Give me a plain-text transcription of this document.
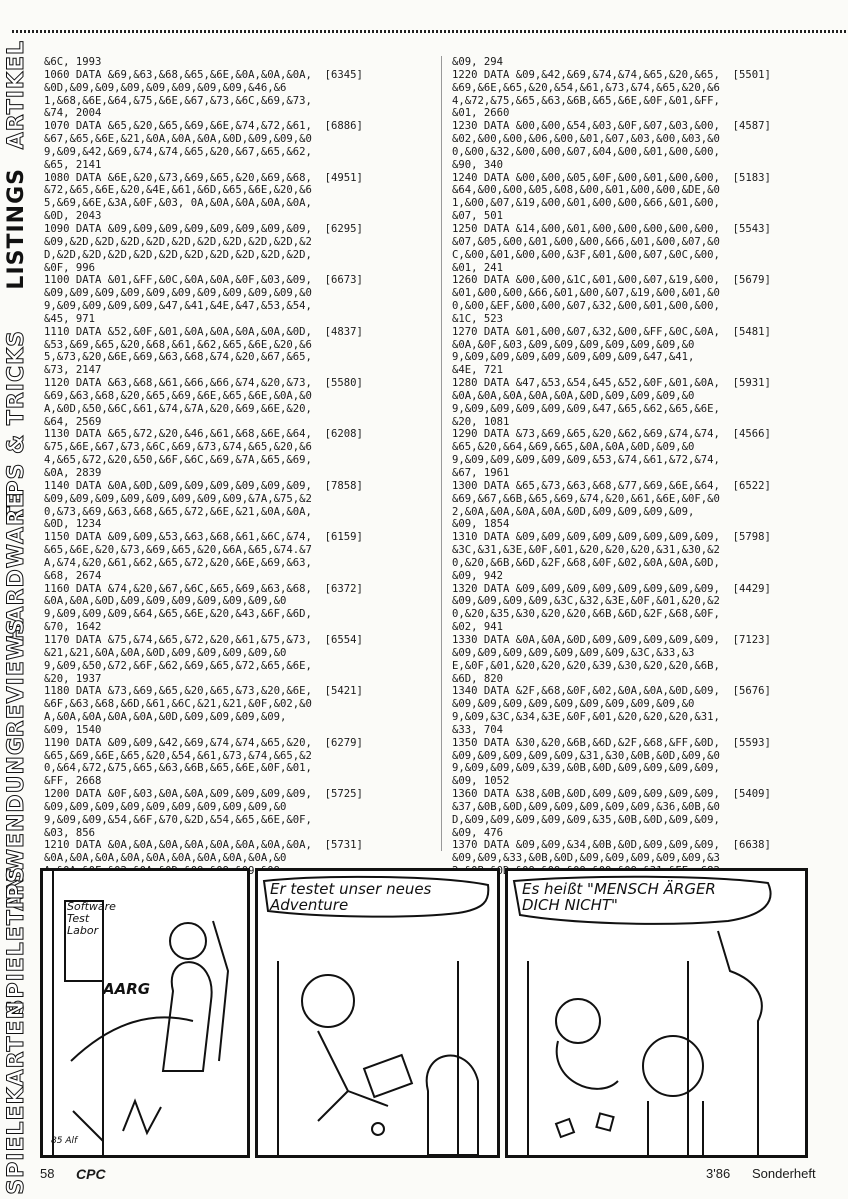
ARTIKEL
LISTINGS
TIPS & TRICKS
HARDWARE
REVIEWS
ANWENDUNG
SPIELETIPS
SPIELEKARTEN
&6C, 1993
1060 DATA &69,&63,&68,&65,&6E,&0A,&0A,&0A,  [6345]
&0D,&09,&09,&09,&09,&09,&09,&09,&46,&6
1,&68,&6E,&64,&75,&6E,&67,&73,&6C,&69,&73,
&74, 2004
1070 DATA &65,&20,&65,&69,&6E,&74,&72,&61,  [6886]
&67,&65,&6E,&21,&0A,&0A,&0A,&0D,&09,&09,&0
9,&09,&42,&69,&74,&74,&65,&20,&67,&65,&62,
&65, 2141
1080 DATA &6E,&20,&73,&69,&65,&20,&69,&68,  [4951]
&72,&65,&6E,&20,&4E,&61,&6D,&65,&6E,&20,&6
5,&69,&6E,&3A,&0F,&03, 0A,&0A,&0A,&0A,&0A,
&0D, 2043
1090 DATA &09,&09,&09,&09,&09,&09,&09,&09,  [6295]
&09,&2D,&2D,&2D,&2D,&2D,&2D,&2D,&2D,&2D,&2
D,&2D,&2D,&2D,&2D,&2D,&2D,&2D,&2D,&2D,&2D,
&0F, 996
1100 DATA &01,&FF,&0C,&0A,&0A,&0F,&03,&09,  [6673]
&09,&09,&09,&09,&09,&09,&09,&09,&09,&09,&0
9,&09,&09,&09,&09,&47,&41,&4E,&47,&53,&54,
&45, 971
1110 DATA &52,&0F,&01,&0A,&0A,&0A,&0A,&0D,  [4837]
&53,&69,&65,&20,&68,&61,&62,&65,&6E,&20,&6
5,&73,&20,&6E,&69,&63,&68,&74,&20,&67,&65,
&73, 2147
1120 DATA &63,&68,&61,&66,&66,&74,&20,&73,  [5580]
&69,&63,&68,&20,&65,&69,&6E,&65,&6E,&0A,&0
A,&0D,&50,&6C,&61,&74,&7A,&20,&69,&6E,&20,
&64, 2569
1130 DATA &65,&72,&20,&46,&61,&68,&6E,&64,  [6208]
&75,&6E,&67,&73,&6C,&69,&73,&74,&65,&20,&6
4,&65,&72,&20,&50,&6F,&6C,&69,&7A,&65,&69,
&0A, 2839
1140 DATA &0A,&0D,&09,&09,&09,&09,&09,&09,  [7858]
&09,&09,&09,&09,&09,&09,&09,&09,&7A,&75,&2
0,&73,&69,&63,&68,&65,&72,&6E,&21,&0A,&0A,
&0D, 1234
1150 DATA &09,&09,&53,&63,&68,&61,&6C,&74,  [6159]
&65,&6E,&20,&73,&69,&65,&20,&6A,&65,&74.&7
A,&74,&20,&61,&62,&65,&72,&20,&6E,&69,&63,
&68, 2674
1160 DATA &74,&20,&67,&6C,&65,&69,&63,&68,  [6372]
&0A,&0A,&0D,&09,&09,&09,&09,&09,&09,&0
9,&09,&09,&09,&64,&65,&6E,&20,&43,&6F,&6D,
&70, 1642
1170 DATA &75,&74,&65,&72,&20,&61,&75,&73,  [6554]
&21,&21,&0A,&0A,&0D,&09,&09,&09,&09,&0
9,&09,&50,&72,&6F,&62,&69,&65,&72,&65,&6E,
&20, 1937
1180 DATA &73,&69,&65,&20,&65,&73,&20,&6E,  [5421]
&6F,&63,&68,&6D,&61,&6C,&21,&21,&0F,&02,&0
A,&0A,&0A,&0A,&0A,&0D,&09,&09,&09,&09,
&09, 1540
1190 DATA &09,&09,&42,&69,&74,&74,&65,&20,  [6279]
&65,&69,&6E,&65,&20,&54,&61,&73,&74,&65,&2
0,&64,&72,&75,&65,&63,&6B,&65,&6E,&0F,&01,
&FF, 2668
1200 DATA &0F,&03,&0A,&0A,&09,&09,&09,&09,  [5725]
&09,&09,&09,&09,&09,&09,&09,&09,&09,&0
9,&09,&09,&54,&6F,&70,&2D,&54,&65,&6E,&0F,
&03, 856
1210 DATA &0A,&0A,&0A,&0A,&0A,&0A,&0A,&0A,  [5731]
&0A,&0A,&0A,&0A,&0A,&0A,&0A,&0A,&0A,&0

&09, 294
1220 DATA &09,&42,&69,&74,&74,&65,&20,&65,  [5501]
&69,&6E,&65,&20,&54,&61,&73,&74,&65,&20,&6
4,&72,&75,&65,&63,&6B,&65,&6E,&0F,&01,&FF,
&01, 2660
1230 DATA &00,&00,&54,&03,&0F,&07,&03,&00,  [4587]
&02,&00,&00,&06,&00,&01,&07,&03,&00,&03,&0
0,&00,&32,&00,&00,&07,&04,&00,&01,&00,&00,
&90, 340
1240 DATA &00,&00,&05,&0F,&00,&01,&00,&00,  [5183]
&64,&00,&00,&05,&08,&00,&01,&00,&00,&DE,&0
1,&00,&07,&19,&00,&01,&00,&00,&66,&01,&00,
&07, 501
1250 DATA &14,&00,&01,&00,&00,&00,&00,&00,  [5543]
&07,&05,&00,&01,&00,&00,&66,&01,&00,&07,&0
C,&00,&01,&00,&00,&3F,&01,&00,&07,&0C,&00,
&01, 241
1260 DATA &00,&00,&1C,&01,&00,&07,&19,&00,  [5679]
&01,&00,&00,&66,&01,&00,&07,&19,&00,&01,&0
0,&00,&EF,&00,&00,&07,&32,&00,&01,&00,&00,
&1C, 523
1270 DATA &01,&00,&07,&32,&00,&FF,&0C,&0A,  [5481]
&0A,&0F,&03,&09,&09,&09,&09,&09,&09,&0
9,&09,&09,&09,&09,&09,&09,&09,&47,&41,
&4E, 721
1280 DATA &47,&53,&54,&45,&52,&0F,&01,&0A,  [5931]
&0A,&0A,&0A,&0A,&0A,&0D,&09,&09,&09,&0
9,&09,&09,&09,&09,&09,&47,&65,&62,&65,&6E,
&20, 1081
1290 DATA &73,&69,&65,&20,&62,&69,&74,&74,  [4566]
&65,&20,&64,&69,&65,&0A,&0A,&0D,&09,&0
9,&09,&09,&09,&09,&09,&53,&74,&61,&72,&74,
&67, 1961
1300 DATA &65,&73,&63,&68,&77,&69,&6E,&64,  [6522]
&69,&67,&6B,&65,&69,&74,&20,&61,&6E,&0F,&0
2,&0A,&0A,&0A,&0A,&0D,&09,&09,&09,&09,
&09, 1854
1310 DATA &09,&09,&09,&09,&09,&09,&09,&09,  [5798]
&3C,&31,&3E,&0F,&01,&20,&20,&20,&31,&30,&2
0,&20,&6B,&6D,&2F,&68,&0F,&02,&0A,&0A,&0D,
&09, 942
1320 DATA &09,&09,&09,&09,&09,&09,&09,&09,  [4429]
&09,&09,&09,&09,&3C,&32,&3E,&0F,&01,&20,&2
0,&20,&35,&30,&20,&20,&6B,&6D,&2F,&68,&0F,
&02, 941
1330 DATA &0A,&0A,&0D,&09,&09,&09,&09,&09,  [7123]
&09,&09,&09,&09,&09,&09,&09,&3C,&33,&3
E,&0F,&01,&20,&20,&20,&39,&30,&20,&20,&6B,
&6D, 820
1340 DATA &2F,&68,&0F,&02,&0A,&0A,&0D,&09,  [5676]
&09,&09,&09,&09,&09,&09,&09,&09,&09,&0
9,&09,&3C,&34,&3E,&0F,&01,&20,&20,&20,&31,
&33, 704
1350 DATA &30,&20,&6B,&6D,&2F,&68,&FF,&0D,  [5593]
&09,&09,&09,&09,&09,&31,&30,&0B,&0D,&09,&0
9,&09,&09,&09,&39,&0B,&0D,&09,&09,&09,&09,
&09, 1052
1360 DATA &38,&0B,&0D,&09,&09,&09,&09,&09,  [5409]
&37,&0B,&0D,&09,&09,&09,&09,&09,&36,&0B,&0
D,&09,&09,&09,&09,&09,&35,&0B,&0D,&09,&09,
&09, 476
1370 DATA &09,&09,&34,&0B,&0D,&09,&09,&09,  [6638]
&09,&09,&33,&0B,&0D,&09,&09,&09,&09,&09,&3

Software
Test
Labor
AARG
85 Alf
Er testet unser neues
Adventure
Es heißt "MENSCH ÄRGER
DICH NICHT"
58 CPC	3'86 Sonderheft
